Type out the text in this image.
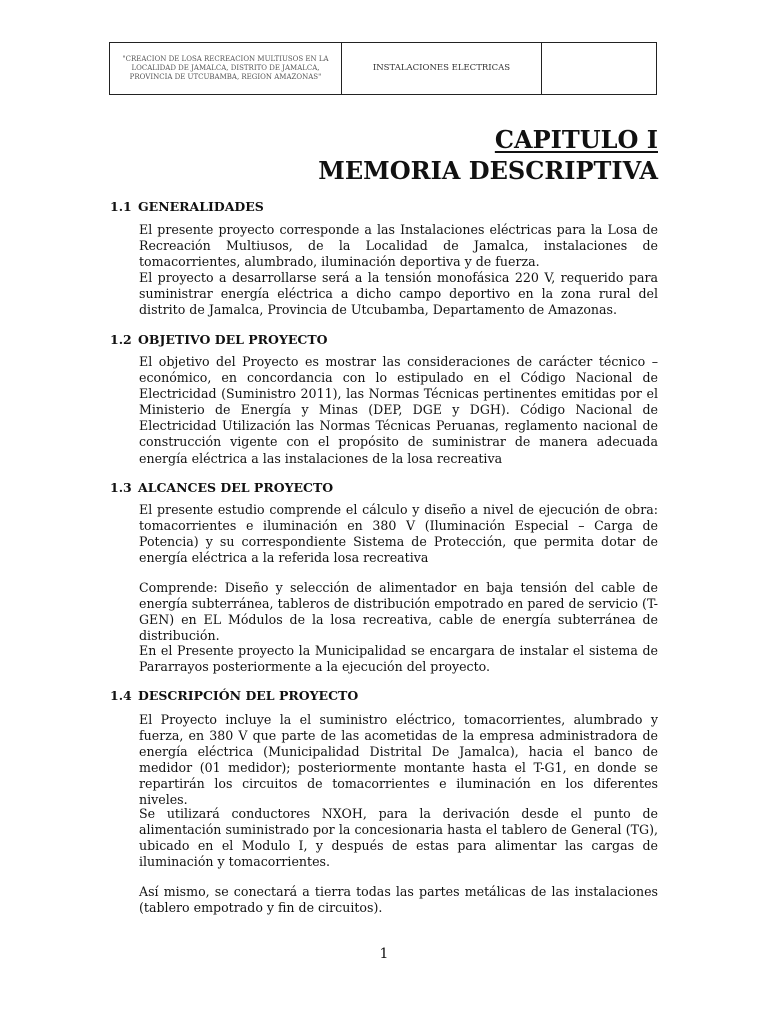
"CREACION DE LOSA RECREACION MULTIUSOS EN LA LOCALIDAD DE JAMALCA, DISTRITO DE JAMALCA, PROVINCIA DE UTCUBAMBA, REGION AMAZONAS"	INSTALACIONES ELECTRICAS	
CAPITULO I
MEMORIA DESCRIPTIVA
1.1 GENERALIDADES

El presente proyecto corresponde a las Instalaciones eléctricas para la Losa de Recreación Multiusos, de la Localidad de Jamalca, instalaciones de tomacorrientes, alumbrado, iluminación deportiva y de fuerza.

El proyecto a desarrollarse será a la tensión monofásica 220 V, requerido para suministrar energía eléctrica a dicho campo deportivo en la zona rural del distrito de Jamalca, Provincia de Utcubamba, Departamento de Amazonas.

1.2 OBJETIVO DEL PROYECTO

El objetivo del Proyecto es mostrar las consideraciones de carácter técnico – económico, en concordancia con lo estipulado en el Código Nacional de Electricidad (Suministro 2011), las Normas Técnicas pertinentes emitidas por el Ministerio de Energía y Minas (DEP, DGE y DGH). Código Nacional de Electricidad Utilización las Normas Técnicas Peruanas, reglamento nacional de construcción vigente con el propósito de suministrar de manera adecuada energía eléctrica a las instalaciones de la losa recreativa

1.3 ALCANCES DEL PROYECTO

El presente estudio comprende el cálculo y diseño a nivel de ejecución de obra: tomacorrientes e iluminación en 380 V (Iluminación Especial – Carga de Potencia) y su correspondiente Sistema de Protección, que permita dotar de energía eléctrica a la referida losa recreativa

Comprende: Diseño y selección de alimentador en baja tensión del cable de energía subterránea, tableros de distribución empotrado en pared de servicio (T-GEN) en EL Módulos de la losa recreativa, cable de energía subterránea de distribución.

En el Presente proyecto la Municipalidad se encargara de instalar el sistema de Pararrayos posteriormente a la ejecución del proyecto.

1.4 DESCRIPCIÓN DEL PROYECTO

El Proyecto incluye la el suministro eléctrico, tomacorrientes, alumbrado y fuerza, en 380 V que parte de las acometidas de la empresa administradora de energía eléctrica (Municipalidad Distrital De Jamalca), hacia el banco de medidor (01 medidor); posteriormente montante hasta el T-G1, en donde se repartirán los circuitos de tomacorrientes e iluminación en los diferentes niveles.

Se utilizará conductores NXOH, para la derivación desde el punto de alimentación suministrado por la concesionaria hasta el tablero de General (TG), ubicado en el Modulo I, y después de estas para alimentar las cargas de iluminación y tomacorrientes.

Así mismo, se conectará a tierra todas las partes metálicas de las instalaciones (tablero empotrado y fin de circuitos).

1
